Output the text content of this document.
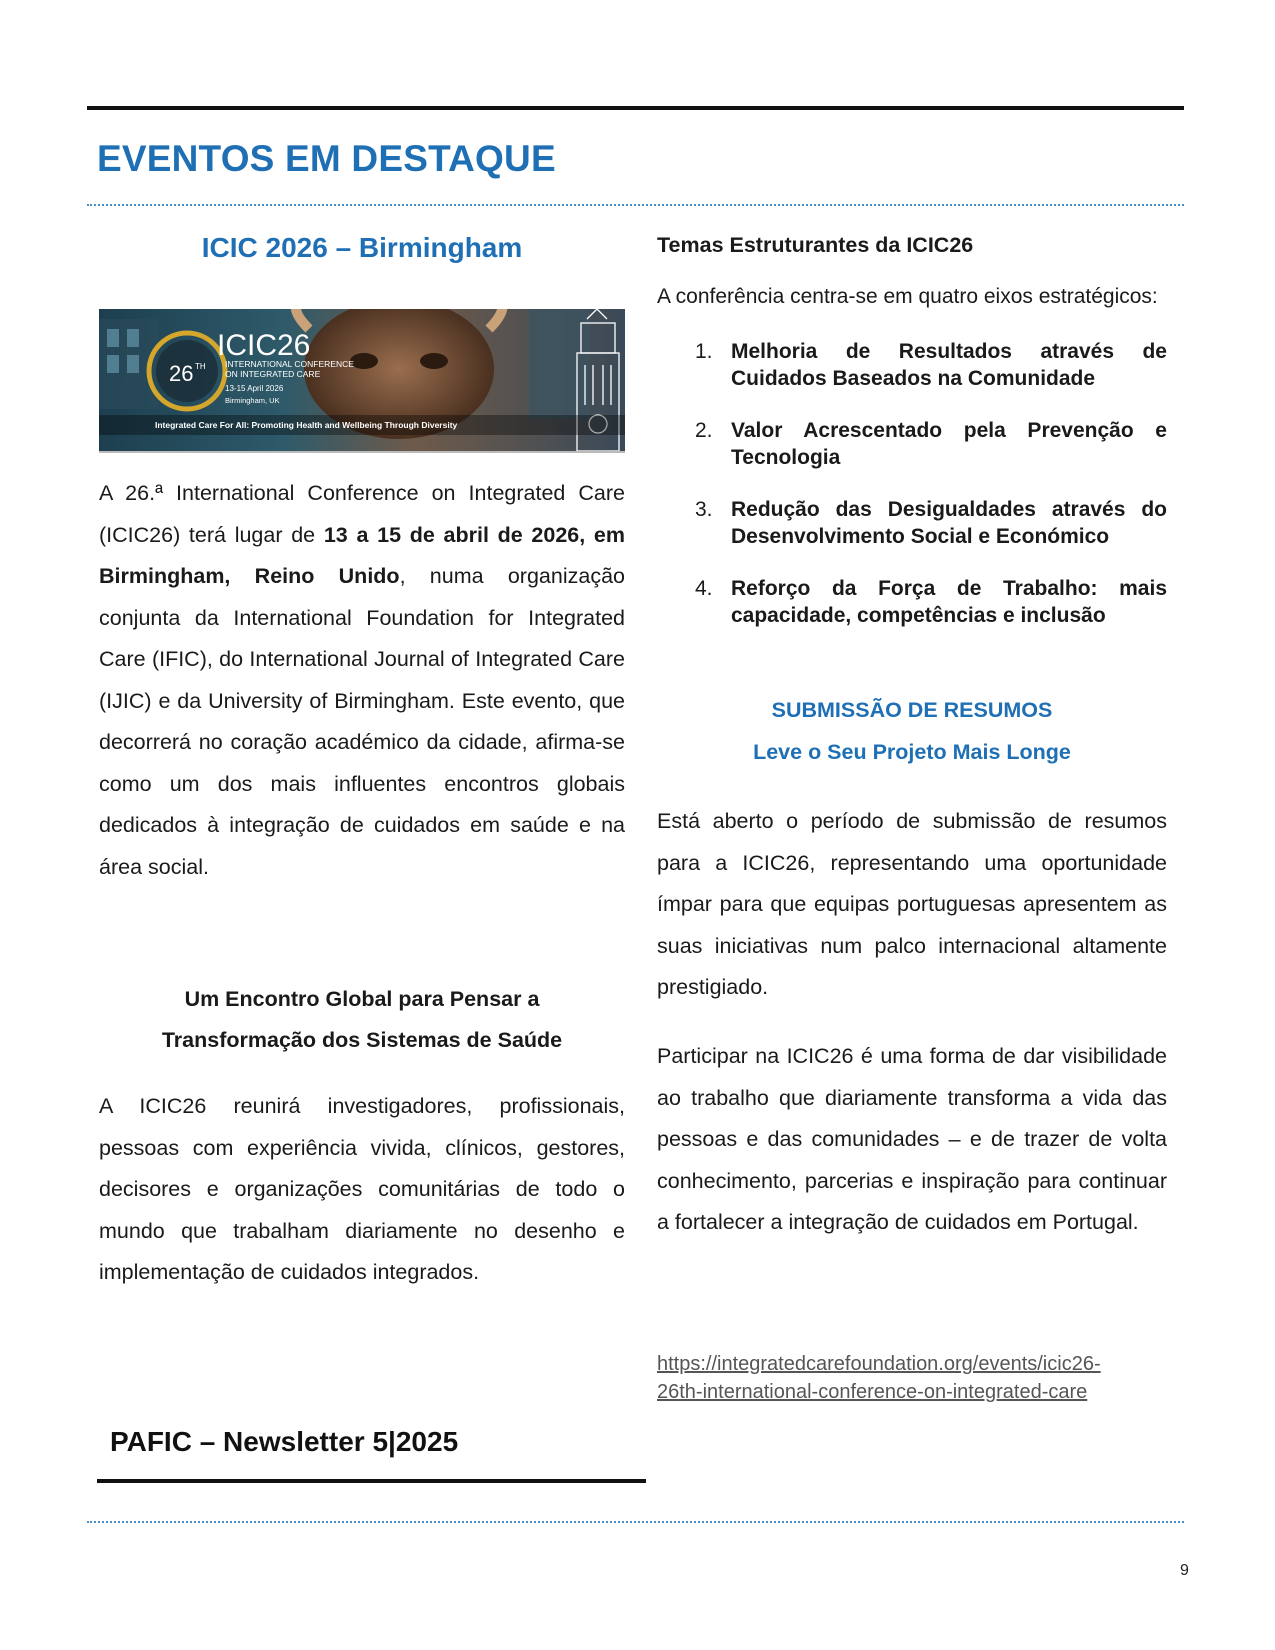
EVENTOS EM DESTAQUE
ICIC 2026 – Birmingham
ICIC26
26 TH INTERNATIONAL CONFERENCE
ON INTEGRATED CARE
13-15 April 2026
Birmingham, UK
Integrated Care For All: Promoting Health and Wellbeing Through Diversity

A 26.ª International Conference on Integrated Care (ICIC26) terá lugar de 13 a 15 de abril de 2026, em Birmingham, Reino Unido, numa organização conjunta da International Foundation for Integrated Care (IFIC), do International Journal of Integrated Care (IJIC) e da University of Birmingham. Este evento, que decorrerá no coração académico da cidade, afirma-se como um dos mais influentes encontros globais dedicados à integração de cuidados em saúde e na área social.

Um Encontro Global para Pensar a
Transformação dos Sistemas de Saúde

A ICIC26 reunirá investigadores, profissionais, pessoas com experiência vivida, clínicos, gestores, decisores e organizações comunitárias de todo o mundo que trabalham diariamente no desenho e implementação de cuidados integrados.

Temas Estruturantes da ICIC26

A conferência centra-se em quatro eixos estratégicos:

1. Melhoria de Resultados através de Cuidados Baseados na Comunidade
2. Valor Acrescentado pela Prevenção e Tecnologia
3. Redução das Desigualdades através do Desenvolvimento Social e Económico
4. Reforço da Força de Trabalho: mais capacidade, competências e inclusão
SUBMISSÃO DE RESUMOS
Leve o Seu Projeto Mais Longe

Está aberto o período de submissão de resumos para a ICIC26, representando uma oportunidade ímpar para que equipas portuguesas apresentem as suas iniciativas num palco internacional altamente prestigiado.

Participar na ICIC26 é uma forma de dar visibilidade ao trabalho que diariamente transforma a vida das pessoas e das comunidades – e de trazer de volta conhecimento, parcerias e inspiração para continuar a fortalecer a integração de cuidados em Portugal.

https://integratedcarefoundation.org/events/icic26-
26th-international-conference-on-integrated-care
PAFIC – Newsletter 5|2025
9
